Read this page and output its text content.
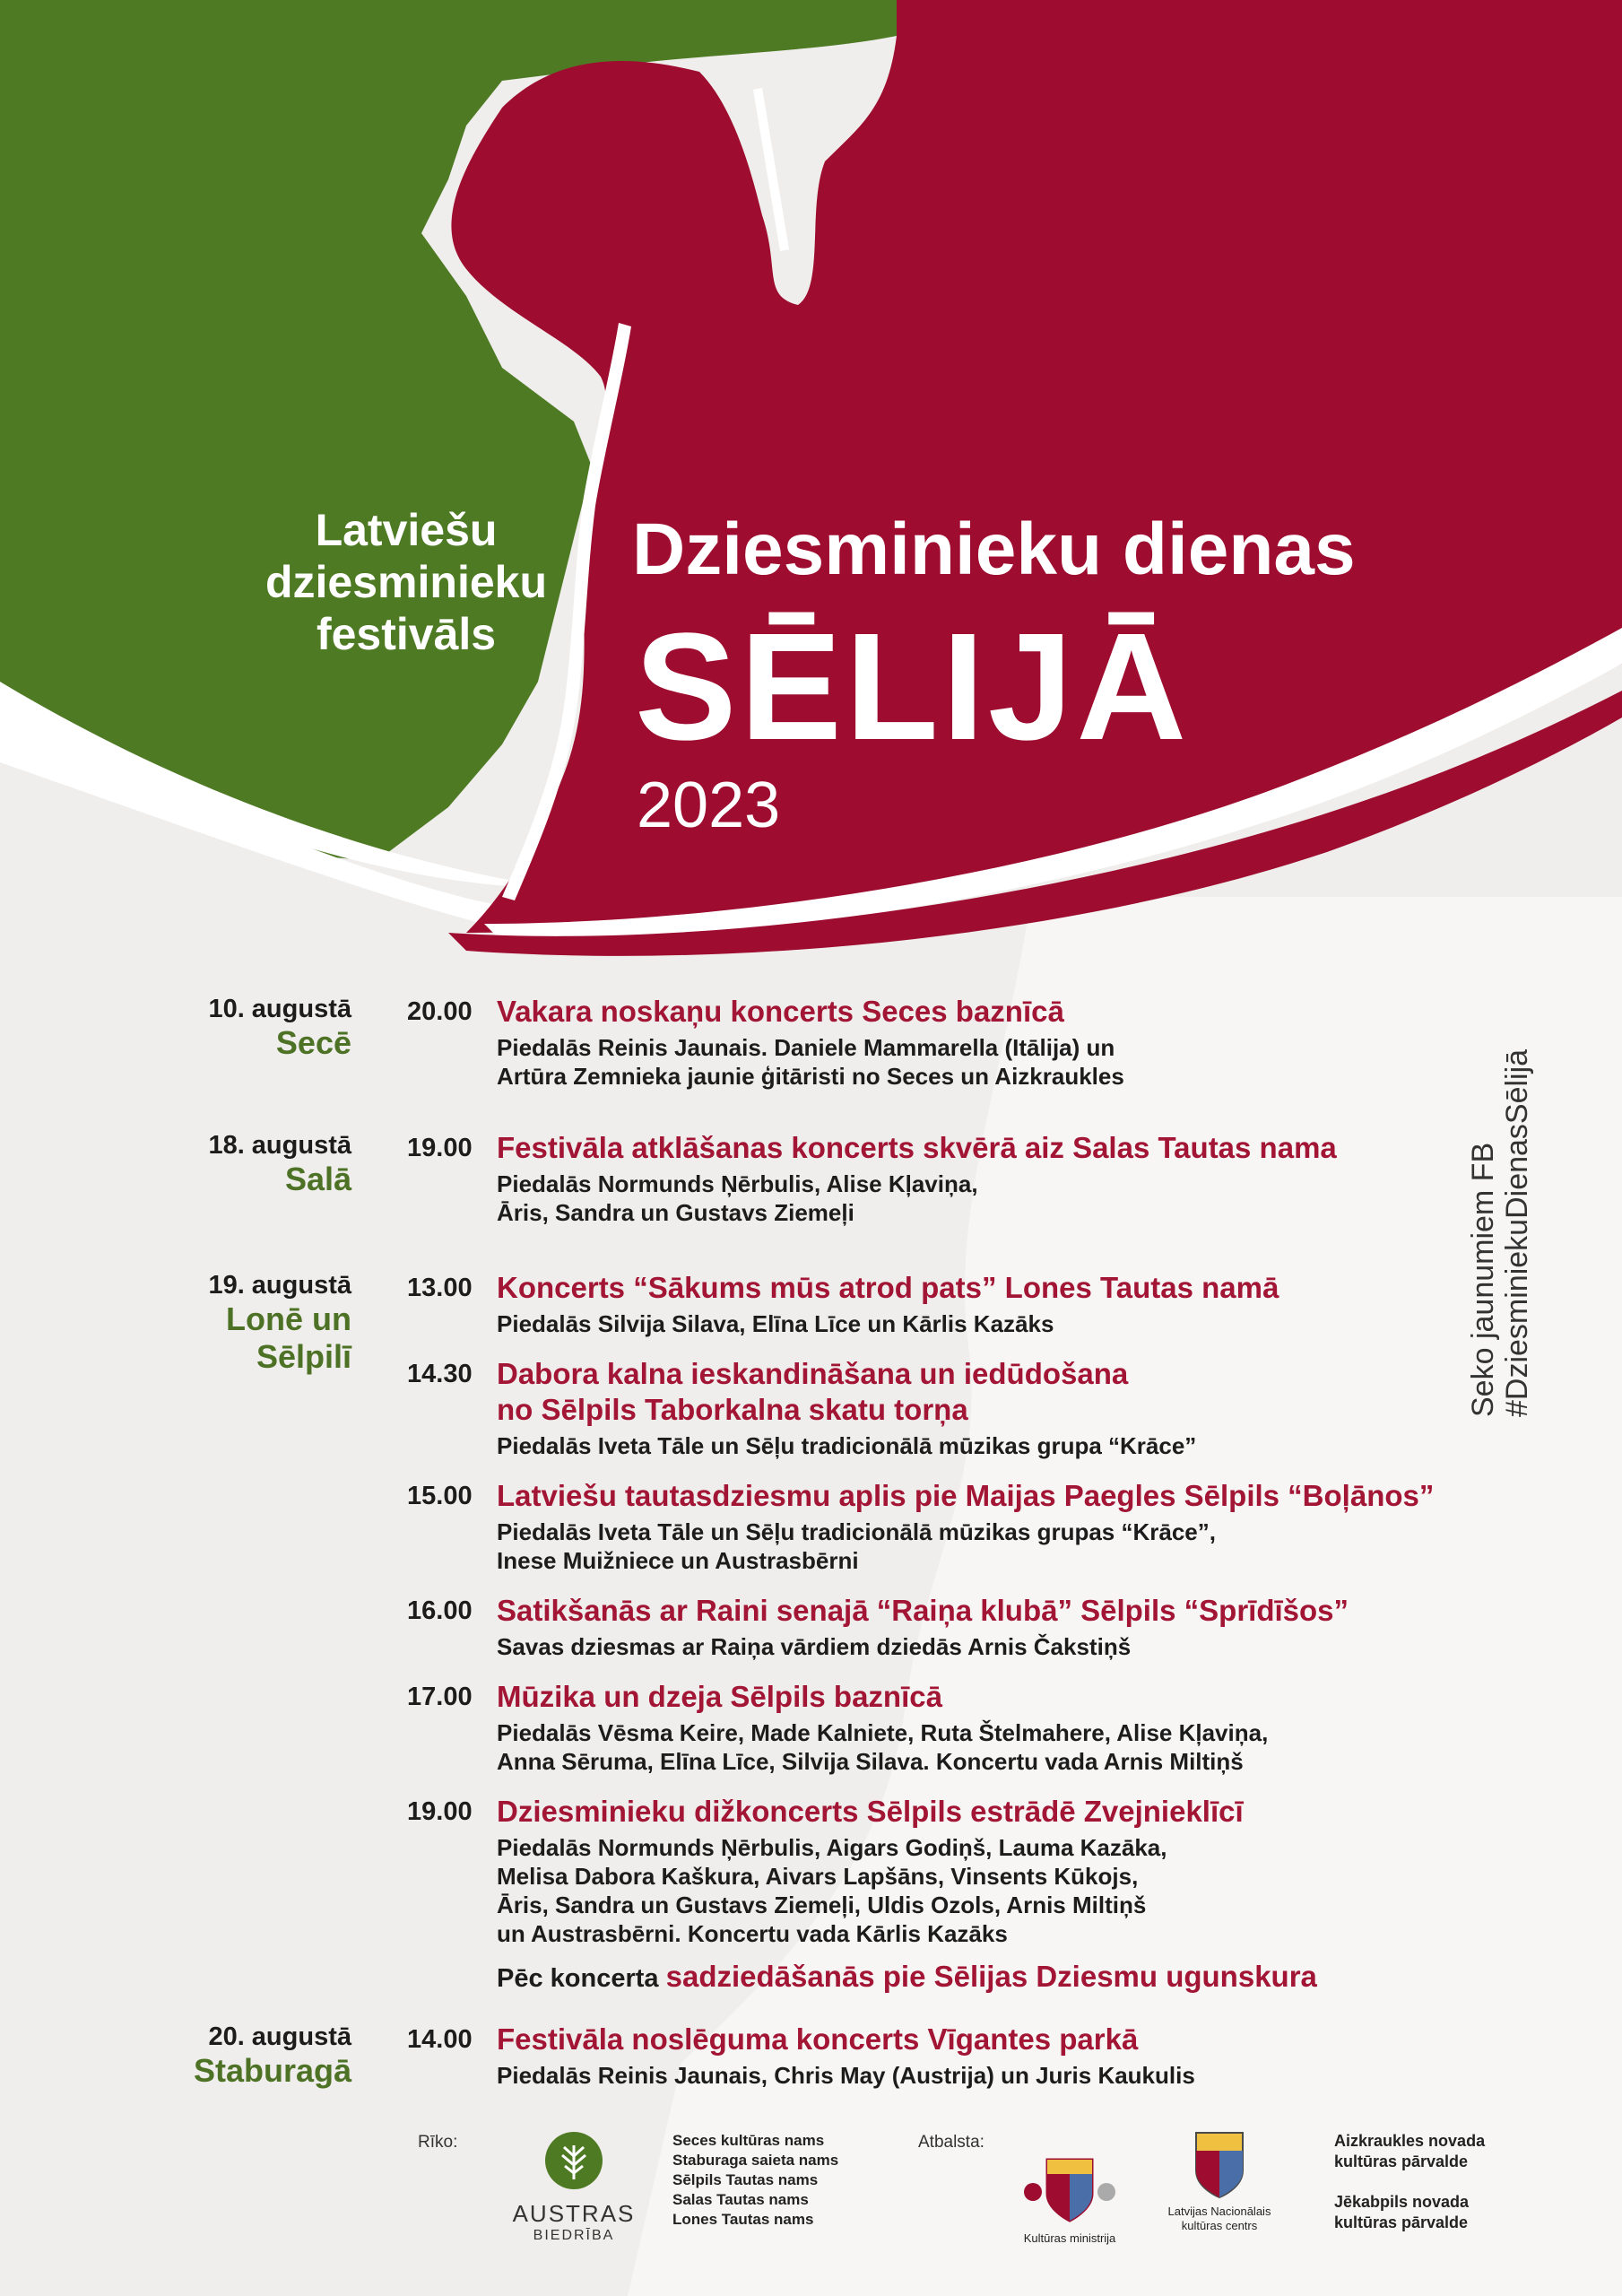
Latviešu
dziesminieku
festivāls
Dziesminieku dienas
SĒLIJĀ
2023
Seko jaunumiem FB #DziesminiekuDienasSēlijā
10. augustā
Secē
20.00 Vakara noskaņu koncerts Seces baznīcā
Piedalās Reinis Jaunais. Daniele Mammarella (Itālija) un
Artūra Zemnieka jaunie ģitāristi no Seces un Aizkraukles
18. augustā
Salā
19.00 Festivāla atklāšanas koncerts skvērā aiz Salas Tautas nama
Piedalās Normunds Ņērbulis, Alise Kļaviņa,
Āris, Sandra un Gustavs Ziemeļi
19. augustā
Lonē un
Sēlpilī
13.00 Koncerts “Sākums mūs atrod pats” Lones Tautas namā
Piedalās Silvija Silava, Elīna Līce un Kārlis Kazāks
14.30 Dabora kalna ieskandināšana un iedūdošana
no Sēlpils Taborkalna skatu torņa
Piedalās Iveta Tāle un Sēļu tradicionālā mūzikas grupa “Krāce”
15.00 Latviešu tautasdziesmu aplis pie Maijas Paegles Sēlpils “Boļānos”
Piedalās Iveta Tāle un Sēļu tradicionālā mūzikas grupas “Krāce”,
Inese Muižniece un Austrasbērni
16.00 Satikšanās ar Raini senajā “Raiņa klubā” Sēlpils “Sprīdīšos”
Savas dziesmas ar Raiņa vārdiem dziedās Arnis Čakstiņš
17.00 Mūzika un dzeja Sēlpils baznīcā
Piedalās Vēsma Keire, Made Kalniete, Ruta Štelmahere, Alise Kļaviņa,
Anna Sēruma, Elīna Līce, Silvija Silava. Koncertu vada Arnis Miltiņš
19.00 Dziesminieku dižkoncerts Sēlpils estrādē Zvejnieklīcī
Piedalās Normunds Ņērbulis, Aigars Godiņš, Lauma Kazāka,
Melisa Dabora Kaškura, Aivars Lapšāns, Vinsents Kūkojs,
Āris, Sandra un Gustavs Ziemeļi, Uldis Ozols, Arnis Miltiņš
un Austrasbērni. Koncertu vada Kārlis Kazāks
Pēc koncerta sadziedāšanās pie Sēlijas Dziesmu ugunskura
20. augustā
Staburagā
14.00 Festivāla noslēguma koncerts Vīgantes parkā
Piedalās Reinis Jaunais, Chris May (Austrija) un Juris Kaukulis
Rīko:
AUSTRAS
BIEDRĪBA
Seces kultūras nams
Staburaga saieta nams
Sēlpils Tautas nams
Salas Tautas nams
Lones Tautas nams
Atbalsta:
Kultūras ministrija
Latvijas Nacionālais
kultūras centrs
Aizkraukles novada
kultūras pārvalde
Jēkabpils novada
kultūras pārvalde
